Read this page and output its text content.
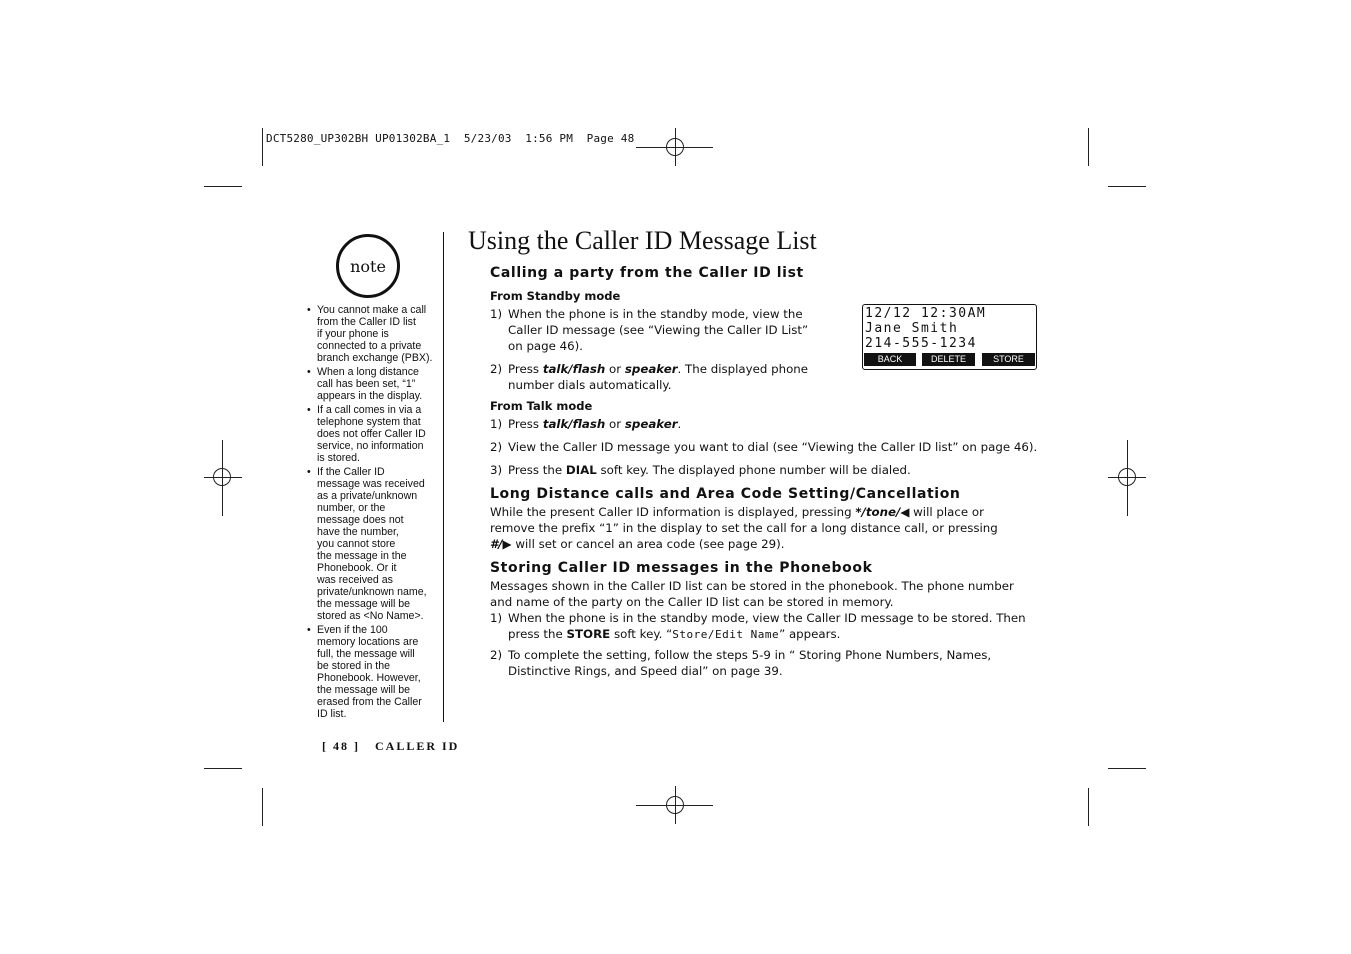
DCT5280_UP302BH UP01302BA_1  5/23/03  1:56 PM  Page 48
note
• You cannot make a call
from the Caller ID list
if your phone is
connected to a private
branch exchange (PBX).
• When a long distance
call has been set, “1”
appears in the display.
• If a call comes in via a
telephone system that
does not offer Caller ID
service, no information
is stored.
• If the Caller ID
message was received
as a private/unknown
number, or the
message does not
have the number,
you cannot store
the message in the
Phonebook. Or it
was received as
private/unknown name,
the message will be
stored as <No Name>.
• Even if the 100
memory locations are
full, the message will
be stored in the
Phonebook. However,
the message will be
erased from the Caller
ID list.
[ 48 ]   CALLER ID
Using the Caller ID Message List
Calling a party from the Caller ID list
From Standby mode
1) When the phone is in the standby mode, view the
Caller ID message (see “Viewing the Caller ID List”
on page 46).
2) Press talk/flash or speaker. The displayed phone
number dials automatically.
12/12 12:30AM
Jane Smith
214-555-1234
BACK	DELETE	STORE
From Talk mode
1) Press talk/flash or speaker.
2) View the Caller ID message you want to dial (see “Viewing the Caller ID list” on page 46).
3) Press the DIAL soft key. The displayed phone number will be dialed.
Long Distance calls and Area Code Setting/Cancellation
While the present Caller ID information is displayed, pressing */tone/◀ will place or
remove the prefix “1” in the display to set the call for a long distance call, or pressing
#/▶ will set or cancel an area code (see page 29).
Storing Caller ID messages in the Phonebook
Messages shown in the Caller ID list can be stored in the phonebook. The phone number
and name of the party on the Caller ID list can be stored in memory.
1) When the phone is in the standby mode, view the Caller ID message to be stored. Then
press the STORE soft key. “Store/Edit Name” appears.
2) To complete the setting, follow the steps 5-9 in “ Storing Phone Numbers, Names,
Distinctive Rings, and Speed dial” on page 39.
